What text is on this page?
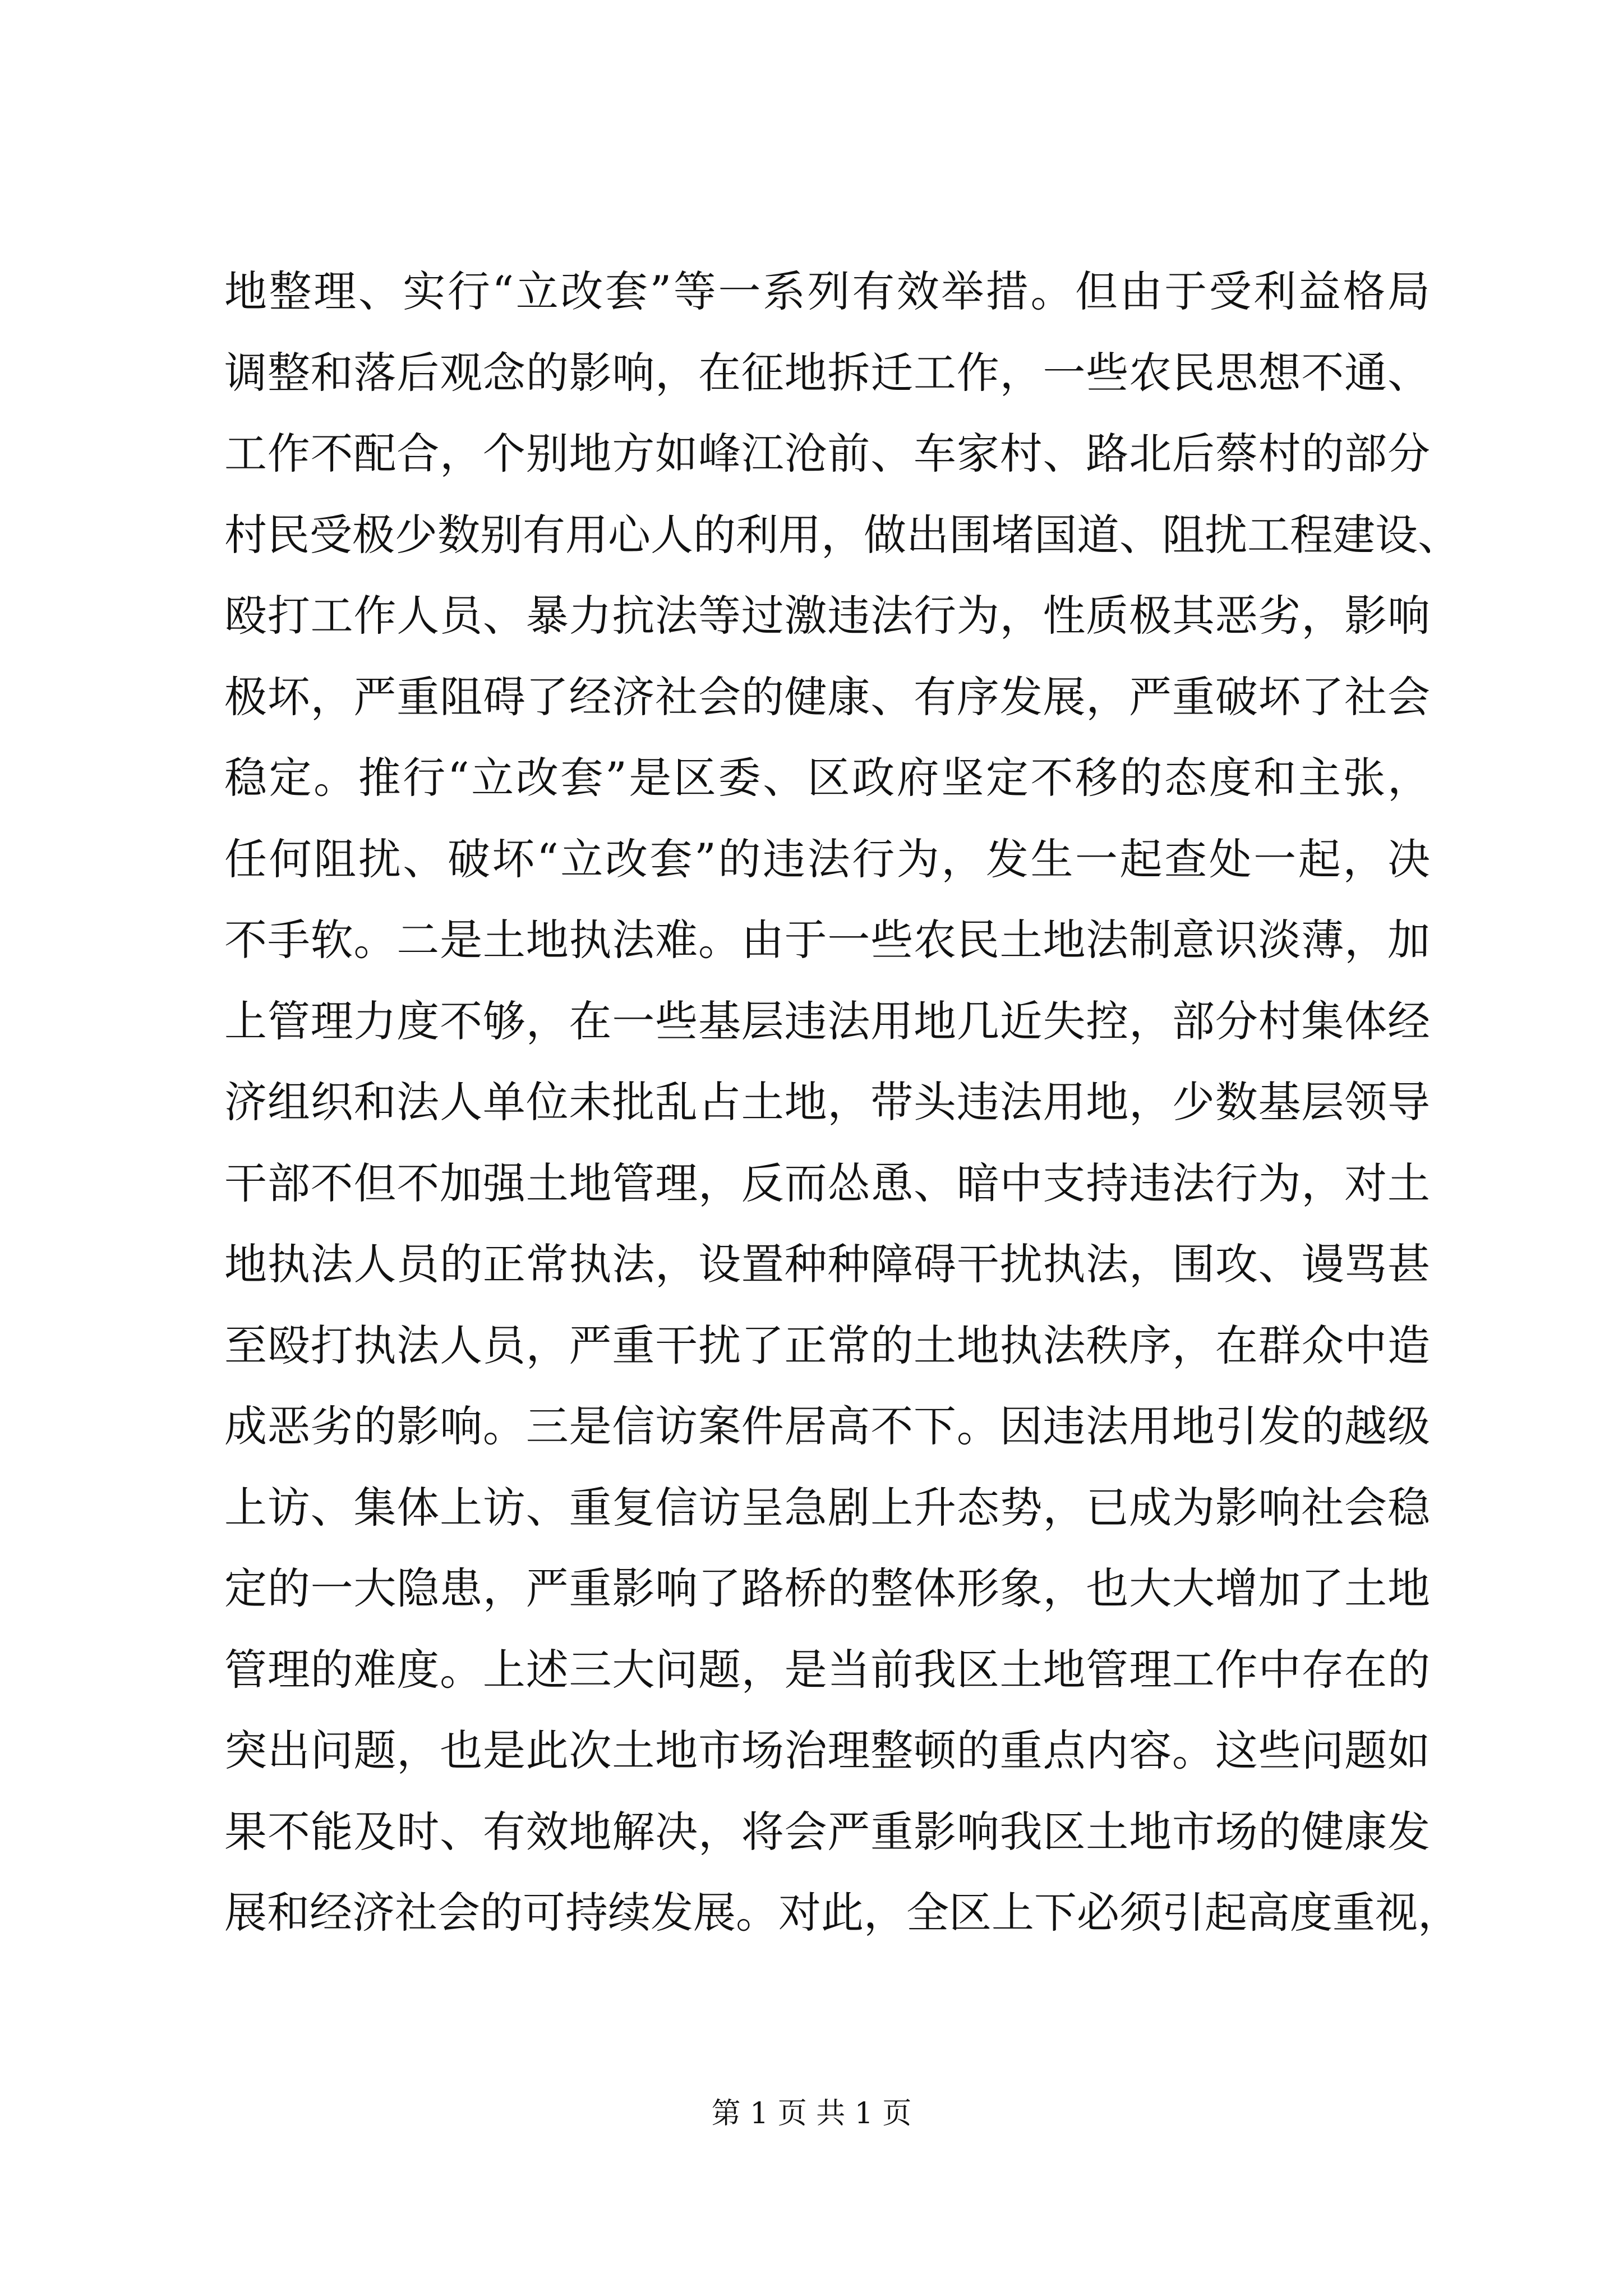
地整理、实行“立改套”等一系列有效举措。但由于受利益格局
调整和落后观念的影响，在征地拆迁工作，一些农民思想不通、
工作不配合，个别地方如峰江沧前、车家村、路北后蔡村的部分
村民受极少数别有用心人的利用，做出围堵国道、阻扰工程建设、
殴打工作人员、暴力抗法等过激违法行为，性质极其恶劣，影响
极坏，严重阻碍了经济社会的健康、有序发展，严重破坏了社会
稳定。推行“立改套”是区委、区政府坚定不移的态度和主张，
任何阻扰、破坏“立改套”的违法行为，发生一起查处一起，决
不手软。二是土地执法难。由于一些农民土地法制意识淡薄，加
上管理力度不够，在一些基层违法用地几近失控，部分村集体经
济组织和法人单位未批乱占土地，带头违法用地，少数基层领导
干部不但不加强土地管理，反而怂恿、暗中支持违法行为，对土
地执法人员的正常执法，设置种种障碍干扰执法，围攻、谩骂甚
至殴打执法人员，严重干扰了正常的土地执法秩序，在群众中造
成恶劣的影响。三是信访案件居高不下。因违法用地引发的越级
上访、集体上访、重复信访呈急剧上升态势，已成为影响社会稳
定的一大隐患，严重影响了路桥的整体形象，也大大增加了土地
管理的难度。上述三大问题，是当前我区土地管理工作中存在的
突出问题，也是此次土地市场治理整顿的重点内容。这些问题如
果不能及时、有效地解决，将会严重影响我区土地市场的健康发
展和经济社会的可持续发展。对此，全区上下必须引起高度重视，
第 1 页 共 1 页
